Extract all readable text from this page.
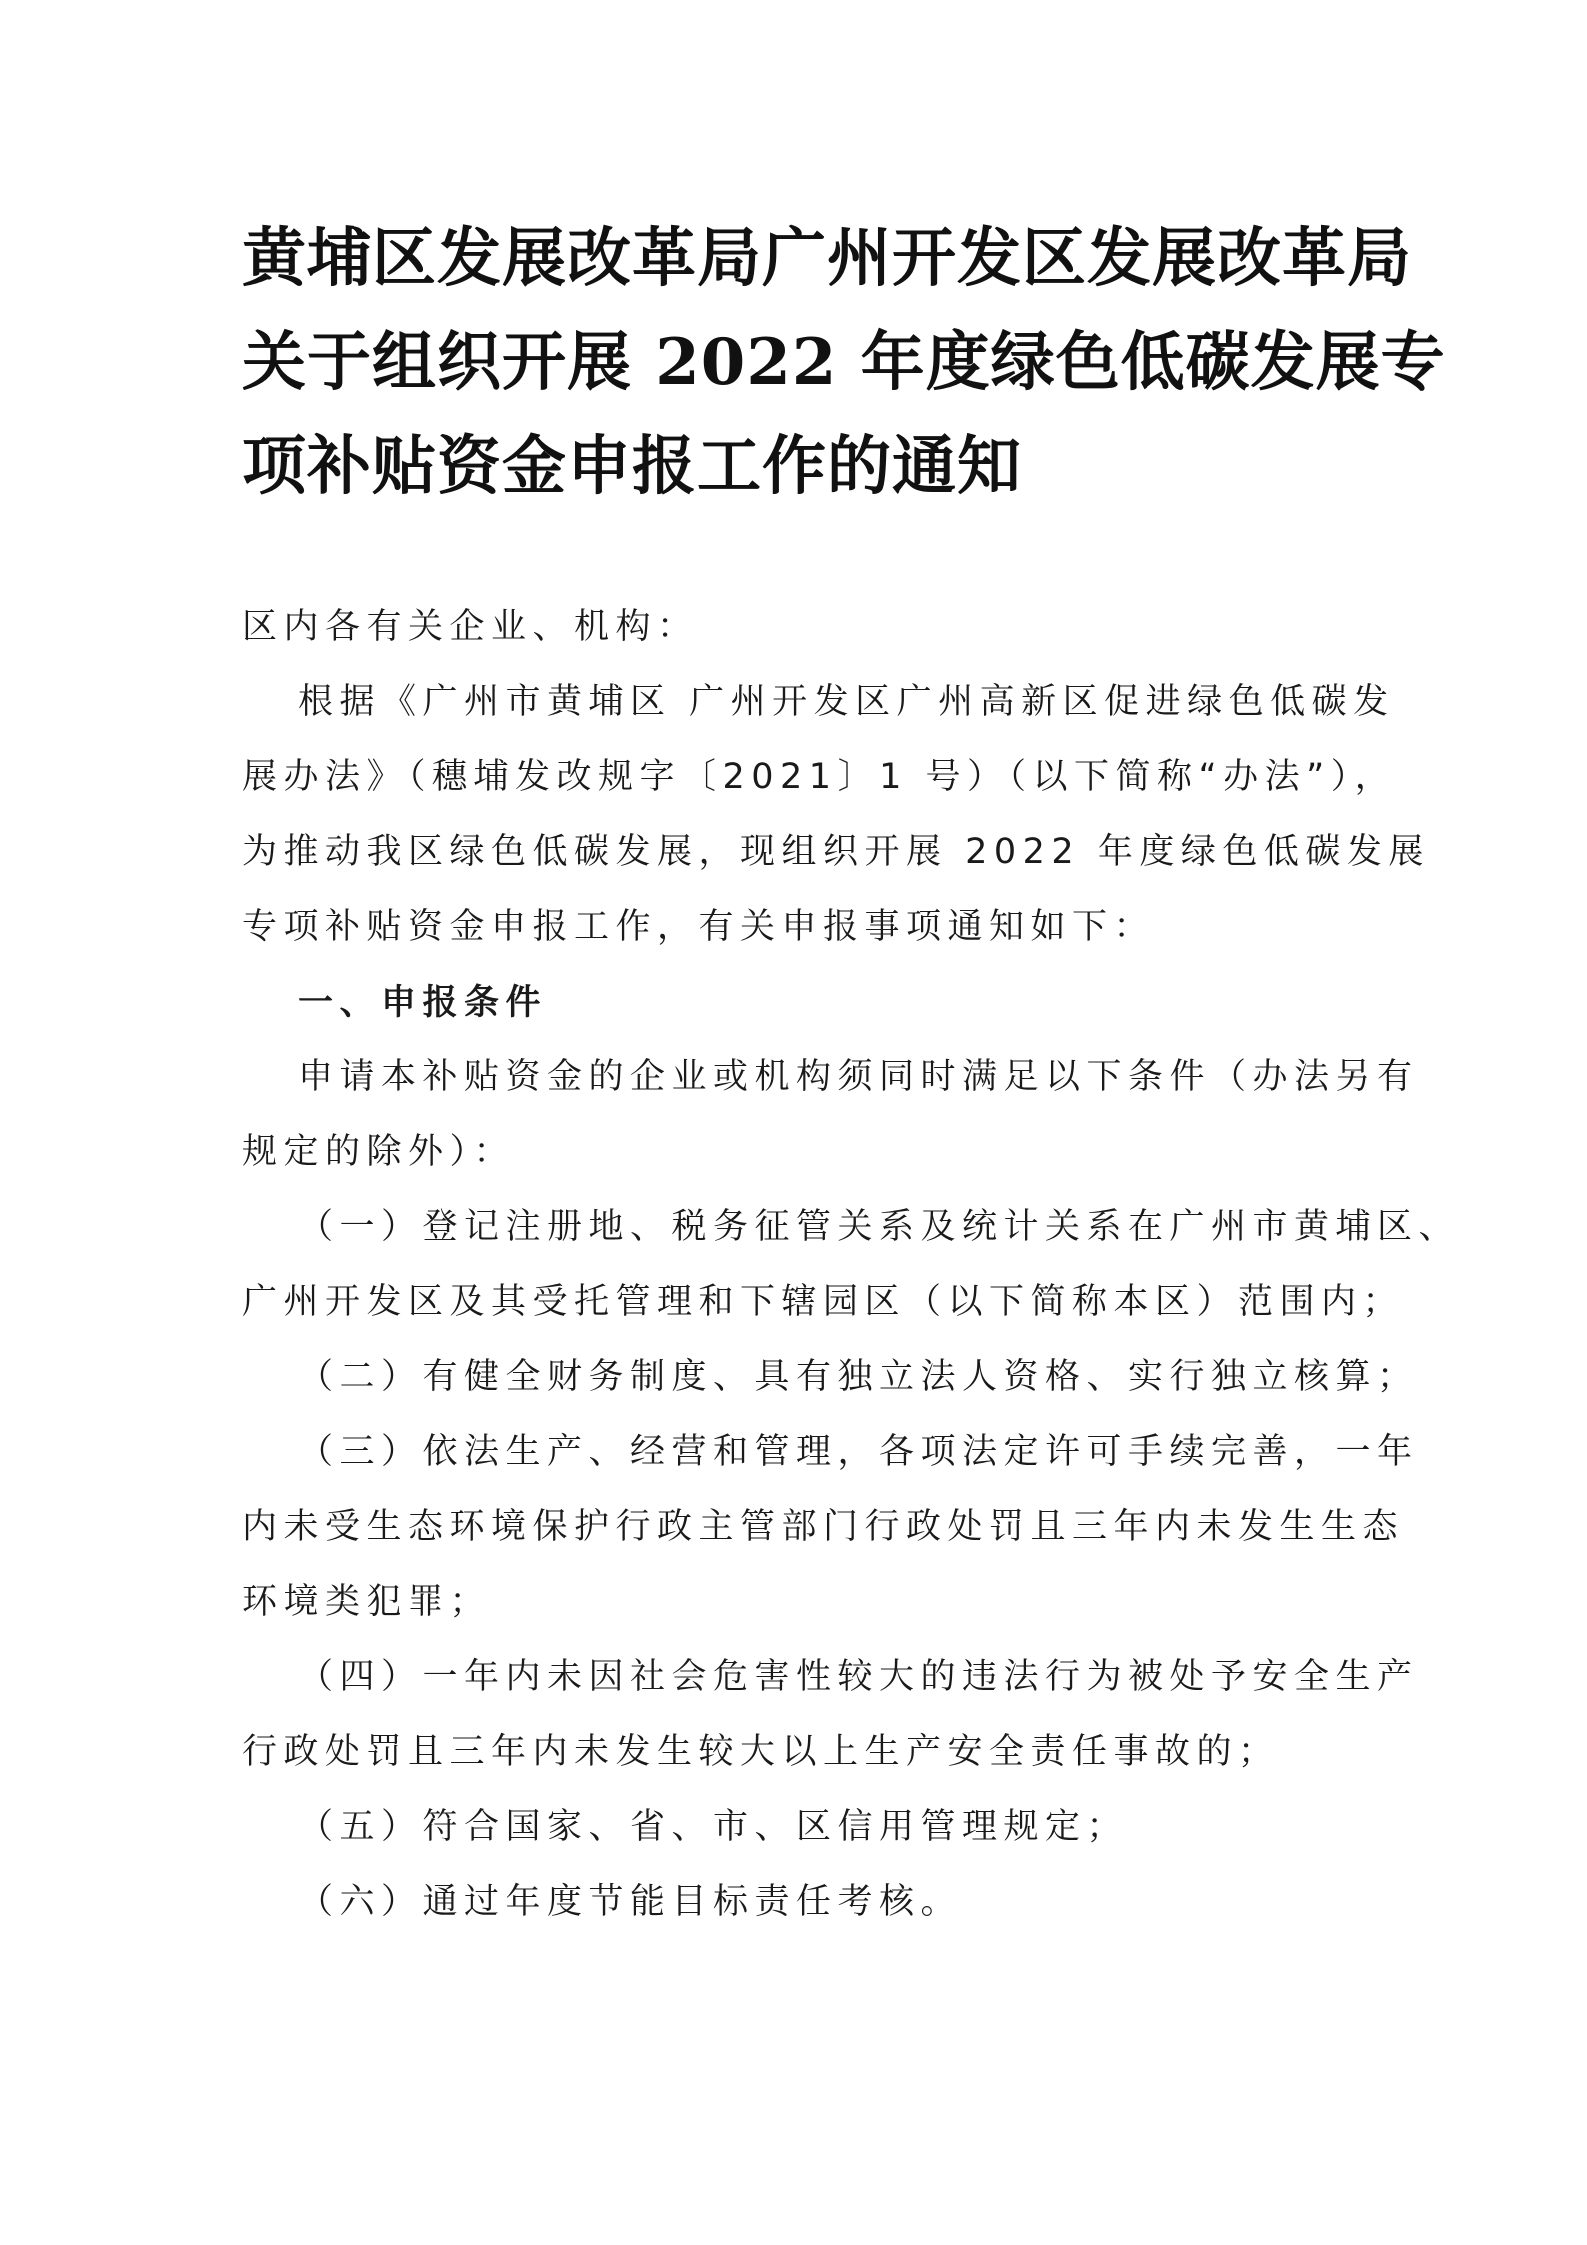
黄埔区发展改革局广州开发区发展改革局
关于组织开展 2022 年度绿色低碳发展专
项补贴资金申报工作的通知
区内各有关企业、机构：
根据《广州市黄埔区 广州开发区广州高新区促进绿色低碳发
展办法》（穗埔发改规字〔2021〕1 号）（以下简称“办法”），
为推动我区绿色低碳发展，现组织开展 2022 年度绿色低碳发展
专项补贴资金申报工作，有关申报事项通知如下：
一、申报条件
申请本补贴资金的企业或机构须同时满足以下条件（办法另有
规定的除外）：
（一）登记注册地、税务征管关系及统计关系在广州市黄埔区、
广州开发区及其受托管理和下辖园区（以下简称本区）范围内；
（二）有健全财务制度、具有独立法人资格、实行独立核算；
（三）依法生产、经营和管理，各项法定许可手续完善，一年
内未受生态环境保护行政主管部门行政处罚且三年内未发生生态
环境类犯罪；
（四）一年内未因社会危害性较大的违法行为被处予安全生产
行政处罚且三年内未发生较大以上生产安全责任事故的；
（五）符合国家、省、市、区信用管理规定；
（六）通过年度节能目标责任考核。
